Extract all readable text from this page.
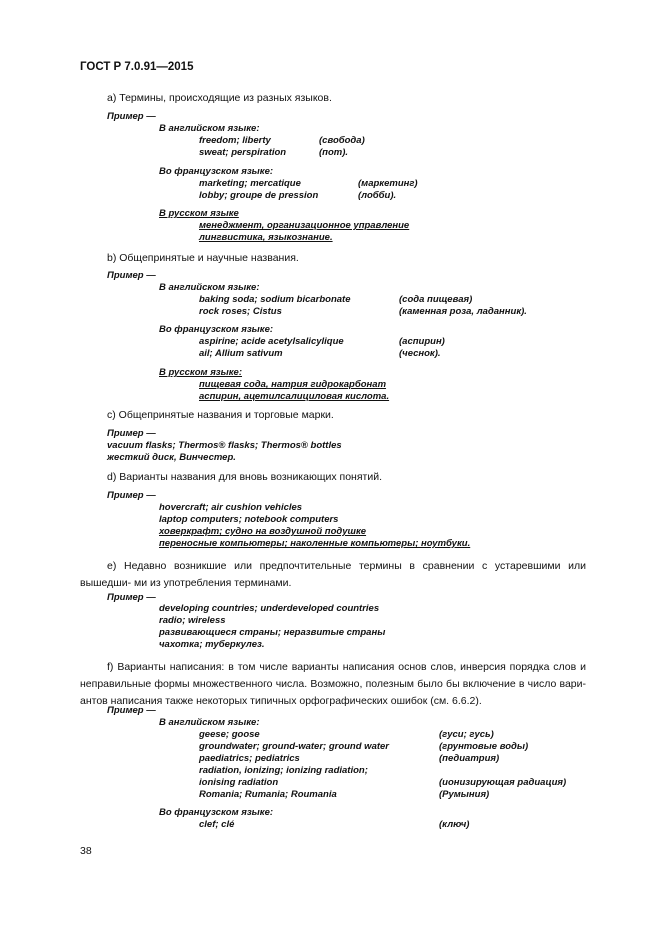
ГОСТ Р 7.0.91—2015
а) Термины, происходящие из разных языков.
Пример —
В английском языке:
freedom; liberty	(свобода)
sweat; perspiration	(пот).
Во французском языке:
marketing; mercatique	(маркетинг)
lobby; groupe de pression	(лобби).
В русском языке
менеджмент, организационное управление
лингвистика, языкознание.
b) Общепринятые и научные названия.
Пример —
В английском языке:
baking soda; sodium bicarbonate	(сода пищевая)
rock roses; Cistus	(каменная роза, ладанник).
Во французском языке:
aspirine; acide acetylsalicylique	(аспирин)
ail; Allium sativum	(чеснок).
В русском языке:
пищевая сода, натрия гидрокарбонат
аспирин, ацетилсалициловая кислота.
c) Общепринятые названия и торговые марки.
Пример —
vacuum flasks; Thermos® flasks; Thermos® bottles
жесткий диск, Винчестер.
d) Варианты названия для вновь возникающих понятий.
Пример —
hovercraft; air cushion vehicles
laptop computers; notebook computers
ховеркрафт; судно на воздушной подушке
переносные компьютеры; наколенные компьютеры; ноутбуки.
e) Недавно возникшие или предпочтительные термины в сравнении с устаревшими или вышедши- ми из употребления терминами.
Пример —
developing countries; underdeveloped countries
radio; wireless
развивающиеся страны; неразвитые страны
чахотка; туберкулез.
f) Варианты написания: в том числе варианты написания основ слов, инверсия порядка слов и неправильные формы множественного числа. Возможно, полезным было бы включение в число вари- антов написания также некоторых типичных орфографических ошибок (см. 6.6.2).
Пример —
В английском языке:
geese; goose	(гуси; гусь)
groundwater; ground-water; ground water	(грунтовые воды)
paediatrics; pediatrics	(педиатрия)
radiation, ionizing; ionizing radiation;
ionising radiation	(ионизирующая радиация)
Romania; Rumania; Roumania	(Румыния)
Во французском языке:
clef; clé	(ключ)
38
